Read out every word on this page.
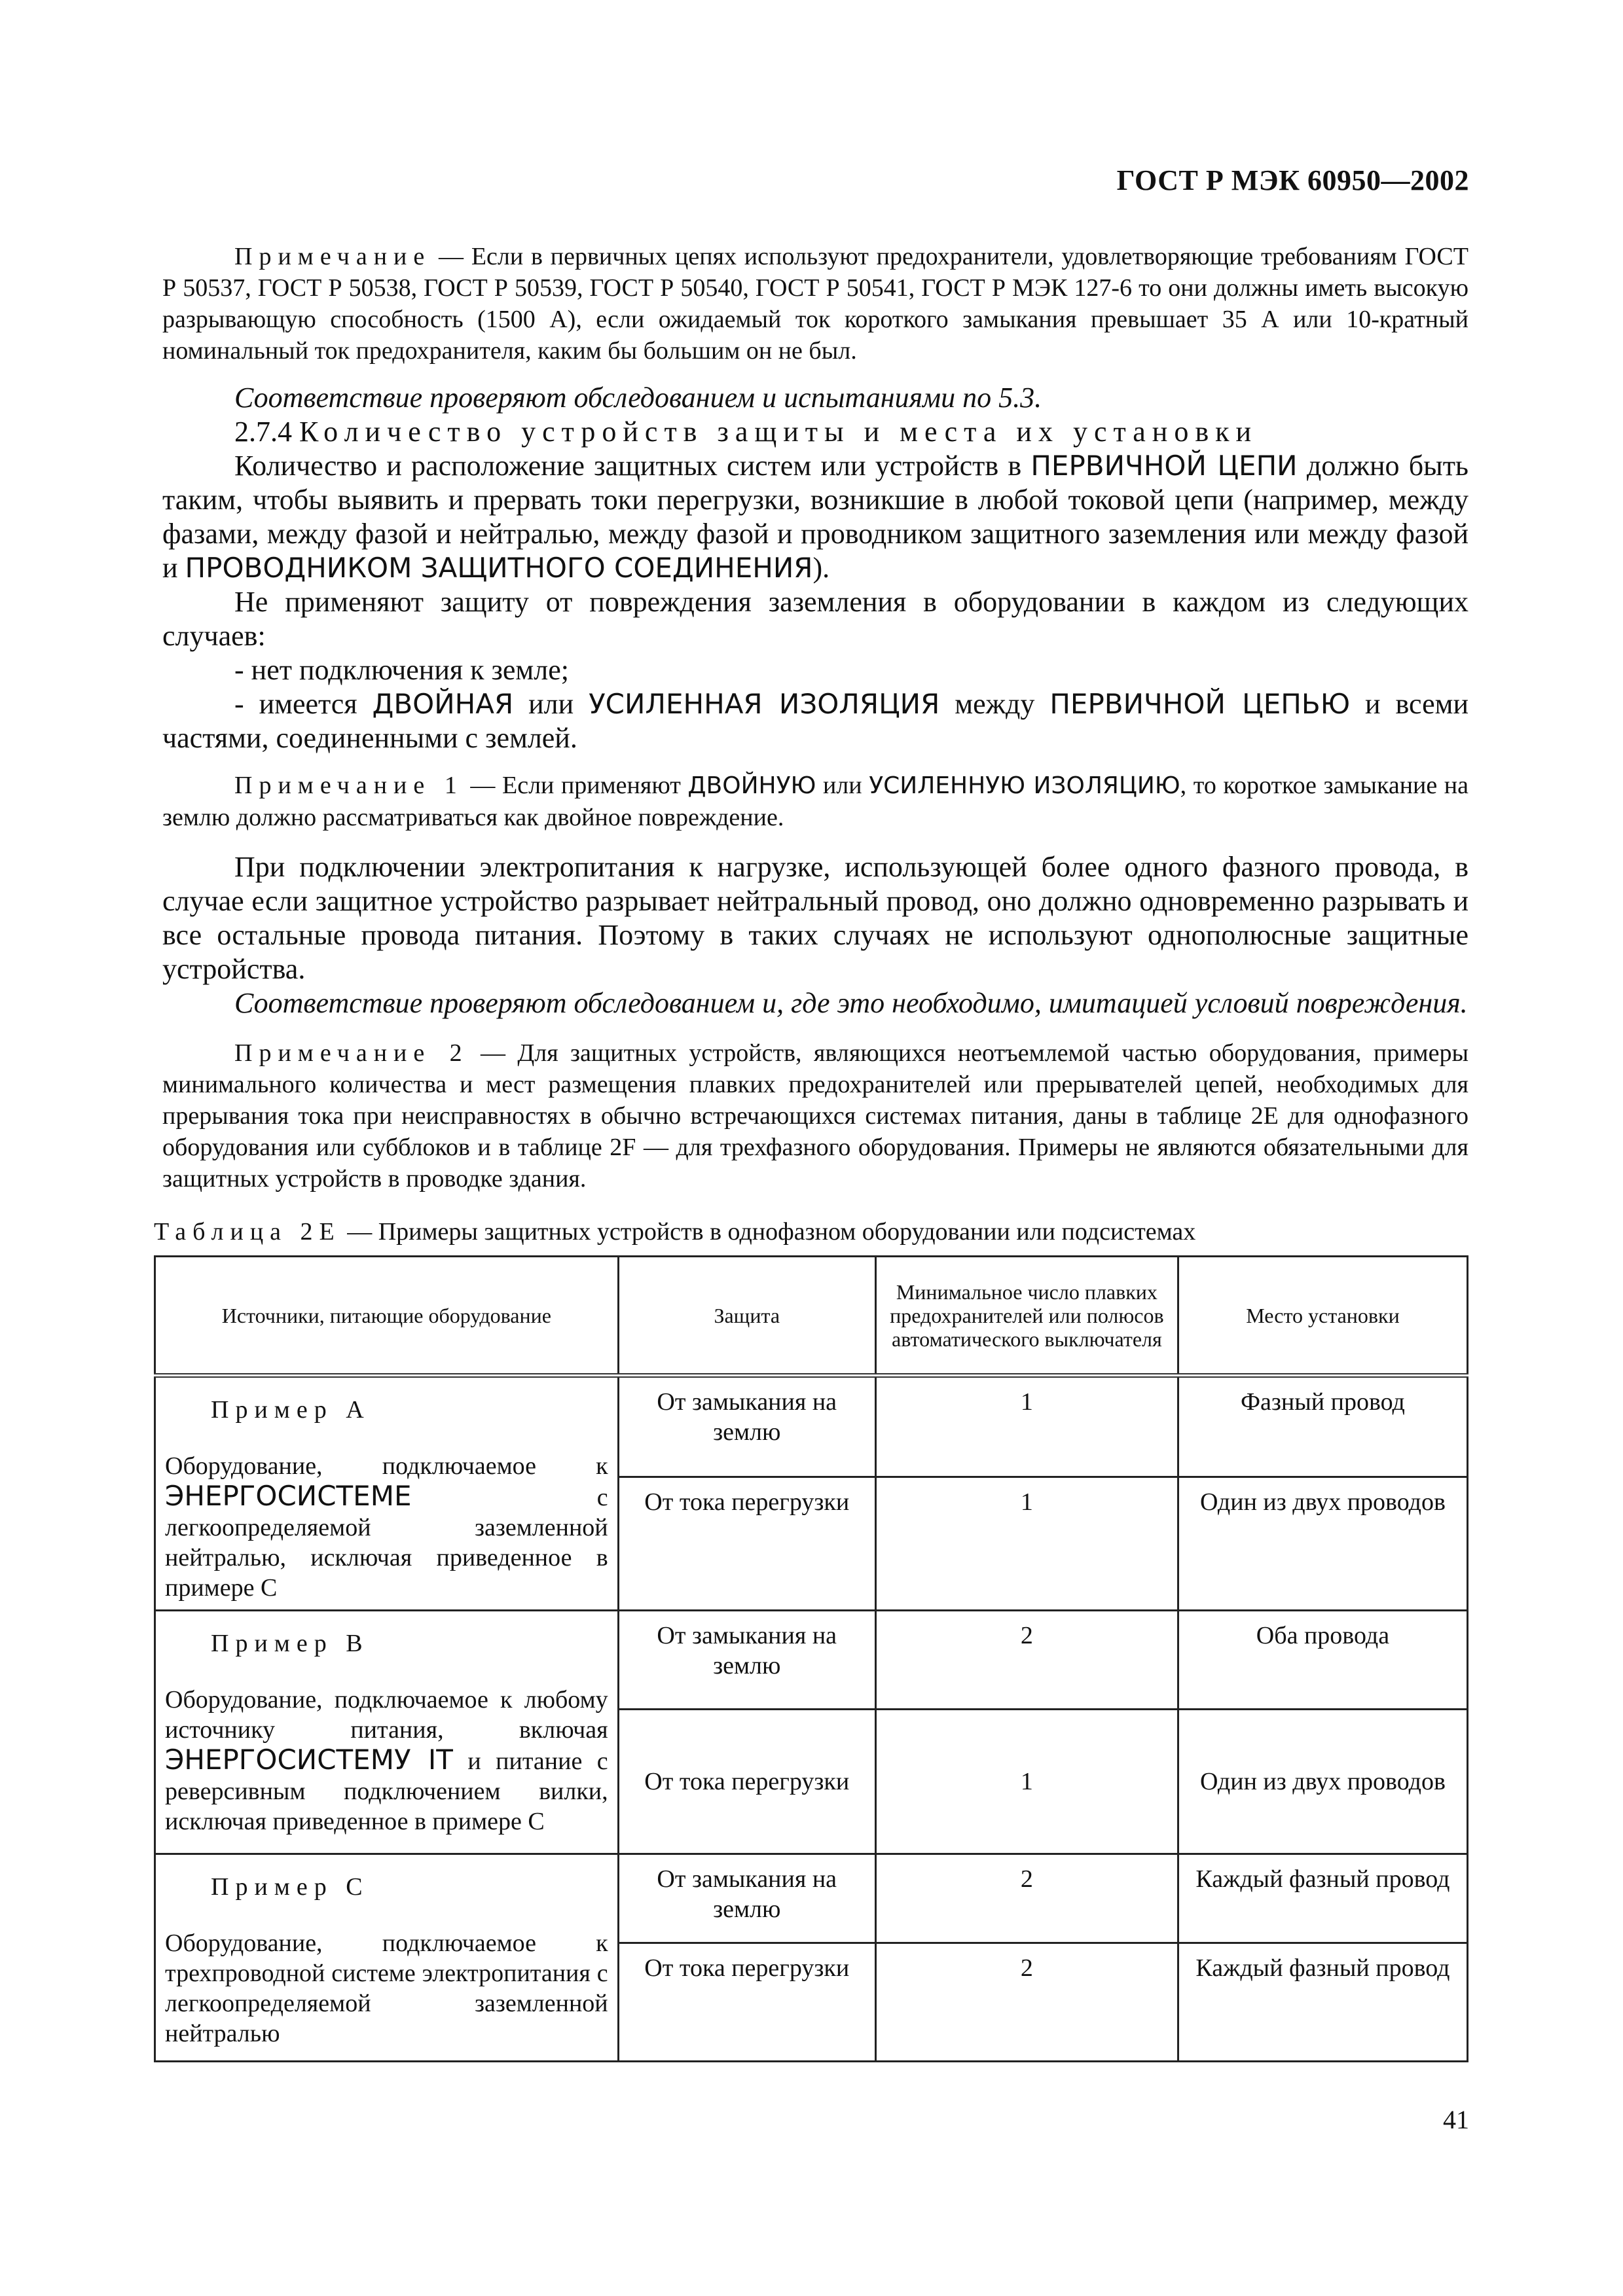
ГОСТ Р МЭК 60950—2002

Примечание — Если в первичных цепях используют предохранители, удовлетворяющие требованиям ГОСТ Р 50537, ГОСТ Р 50538, ГОСТ Р 50539, ГОСТ Р 50540, ГОСТ Р 50541, ГОСТ Р МЭК 127-6 то они должны иметь высокую разрывающую способность (1500 А), если ожидаемый ток короткого замыкания превышает 35 А или 10-кратный номинальный ток предохранителя, каким бы большим он не был.

Соответствие проверяют обследованием и испытаниями по 5.3.

2.7.4 Количество устройств защиты и места их установки

Количество и расположение защитных систем или устройств в ПЕРВИЧНОЙ ЦЕПИ должно быть таким, чтобы выявить и прервать токи перегрузки, возникшие в любой токовой цепи (например, между фазами, между фазой и нейтралью, между фазой и проводником защитного заземления или между фазой и ПРОВОДНИКОМ ЗАЩИТНОГО СОЕДИНЕНИЯ).

Не применяют защиту от повреждения заземления в оборудовании в каждом из следующих случаев:

- нет подключения к земле;

- имеется ДВОЙНАЯ или УСИЛЕННАЯ ИЗОЛЯЦИЯ между ПЕРВИЧНОЙ ЦЕПЬЮ и всеми частями, соединенными с землей.

Примечание 1 — Если применяют ДВОЙНУЮ или УСИЛЕННУЮ ИЗОЛЯЦИЮ, то короткое замыкание на землю должно рассматриваться как двойное повреждение.

При подключении электропитания к нагрузке, использующей более одного фазного провода, в случае если защитное устройство разрывает нейтральный провод, оно должно одновременно разрывать и все остальные провода питания. Поэтому в таких случаях не используют однополюсные защитные устройства.

Соответствие проверяют обследованием и, где это необходимо, имитацией условий повреждения.

Примечание 2 — Для защитных устройств, являющихся неотъемлемой частью оборудования, примеры минимального количества и мест размещения плавких предохранителей или прерывателей цепей, необходимых для прерывания тока при неисправностях в обычно встречающихся системах питания, даны в таблице 2Е для однофазного оборудования или субблоков и в таблице 2F — для трехфазного оборудования. Примеры не являются обязательными для защитных устройств в проводке здания.

Таблица 2Е — Примеры защитных устройств в однофазном оборудовании или подсистемах
Источники, питающие оборудование	Защита	Минимальное число плавких предохранителей или полюсов автоматического выключателя	Место установки

Пример А
Оборудование, подключаемое к ЭНЕРГОСИСТЕМЕ с легкоопределяемой заземленной нейтралью, исключая приведенное в примере С	От замыкания на землю	1	Фазный провод
	От тока перегрузки	1	Один из двух проводов

Пример В
Оборудование, подключаемое к любому источнику питания, включая ЭНЕРГОСИСТЕМУ IT и питание с реверсивным подключением вилки, исключая приведенное в примере С	От замыкания на землю	2	Оба провода
	От тока перегрузки	1	Один из двух проводов

Пример С
Оборудование, подключаемое к трехпроводной системе электропитания с легкоопределяемой заземленной нейтралью	От замыкания на землю	2	Каждый фазный провод
	От тока перегрузки	2	Каждый фазный провод
41
